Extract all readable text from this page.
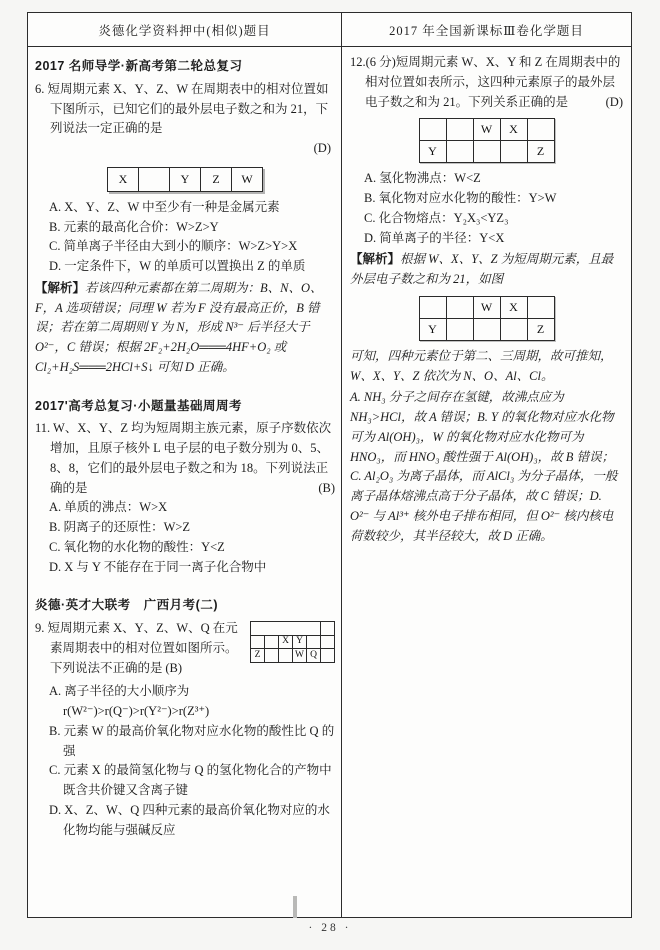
炎德化学资料押中(相似)题目	2017 年全国新课标Ⅲ卷化学题目
2017 名师导学·新高考第二轮总复习

6. 短周期元素 X、Y、Z、W 在周期表中的相对位置如下图所示，已知它们的最外层电子数之和为 21，下列说法一定正确的是

(D)

X		Y	Z	W
A. X、Y、Z、W 中至少有一种是金属元素
B. 元素的最高化合价：W>Z>Y
C. 简单离子半径由大到小的顺序：W>Z>Y>X
D. 一定条件下，W 的单质可以置换出 Z 的单质

【解析】若该四种元素都在第二周期为：B、N、O、F，A 选项错误；同理 W 若为 F 没有最高正价，B 错误；若在第二周期则 Y 为 N，形成 N³⁻ 后半径大于 O²⁻，C 错误；根据 2F₂+2H₂O═══4HF+O₂ 或 Cl₂+H₂S═══2HCl+S↓ 可知 D 正确。

2017'高考总复习·小题量基础周周考

11. W、X、Y、Z 均为短周期主族元素，原子序数依次增加，且原子核外 L 电子层的电子数分别为 0、5、8、8，它们的最外层电子数之和为 18。下列说法正确的是	(B)

A. 单质的沸点：W>X
B. 阴离子的还原性：W>Z
C. 氧化物的水化物的酸性：Y<Z
D. X 与 Y 不能存在于同一离子化合物中
炎德·英才大联考　广西月考(二)

		X	Y		
Z			W	Q	

9. 短周期元素 X、Y、Z、W、Q 在元素周期表中的相对位置如图所示。下列说法不正确的是 (B)

A. 离子半径的大小顺序为 r(W²⁻)>r(Q⁻)>r(Y²⁻)>r(Z³⁺)
B. 元素 W 的最高价氧化物对应水化物的酸性比 Q 的强
C. 元素 X 的最简氢化物与 Q 的氢化物化合的产物中既含共价键又含离子键
D. X、Z、W、Q 四种元素的最高价氧化物对应的水化物均能与强碱反应

12.(6 分)短周期元素 W、X、Y 和 Z 在周期表中的相对位置如表所示，这四种元素原子的最外层电子数之和为 21。下列关系正确的是	(D)

		W	X	
Y				Z
A. 氢化物沸点：W<Z
B. 氧化物对应水化物的酸性：Y>W
C. 化合物熔点：Y₂X₃<YZ₃
D. 简单离子的半径：Y<X

【解析】根据 W、X、Y、Z 为短周期元素，且最外层电子数之和为 21，如图

		W	X	
Y				Z

可知，四种元素位于第二、三周期，故可推知，W、X、Y、Z 依次为 N、O、Al、Cl。

A. NH₃ 分子之间存在氢键，故沸点应为 NH₃>HCl，故 A 错误；B. Y 的氧化物对应水化物可为 Al(OH)₃，W 的氧化物对应水化物可为 HNO₃，而 HNO₃ 酸性强于 Al(OH)₃，故 B 错误；C. Al₂O₃ 为离子晶体，而 AlCl₃ 为分子晶体，一般离子晶体熔沸点高于分子晶体，故 C 错误；D. O²⁻ 与 Al³⁺ 核外电子排布相同，但 O²⁻ 核内核电荷数较少，其半径较大，故 D 正确。

· 28 ·
